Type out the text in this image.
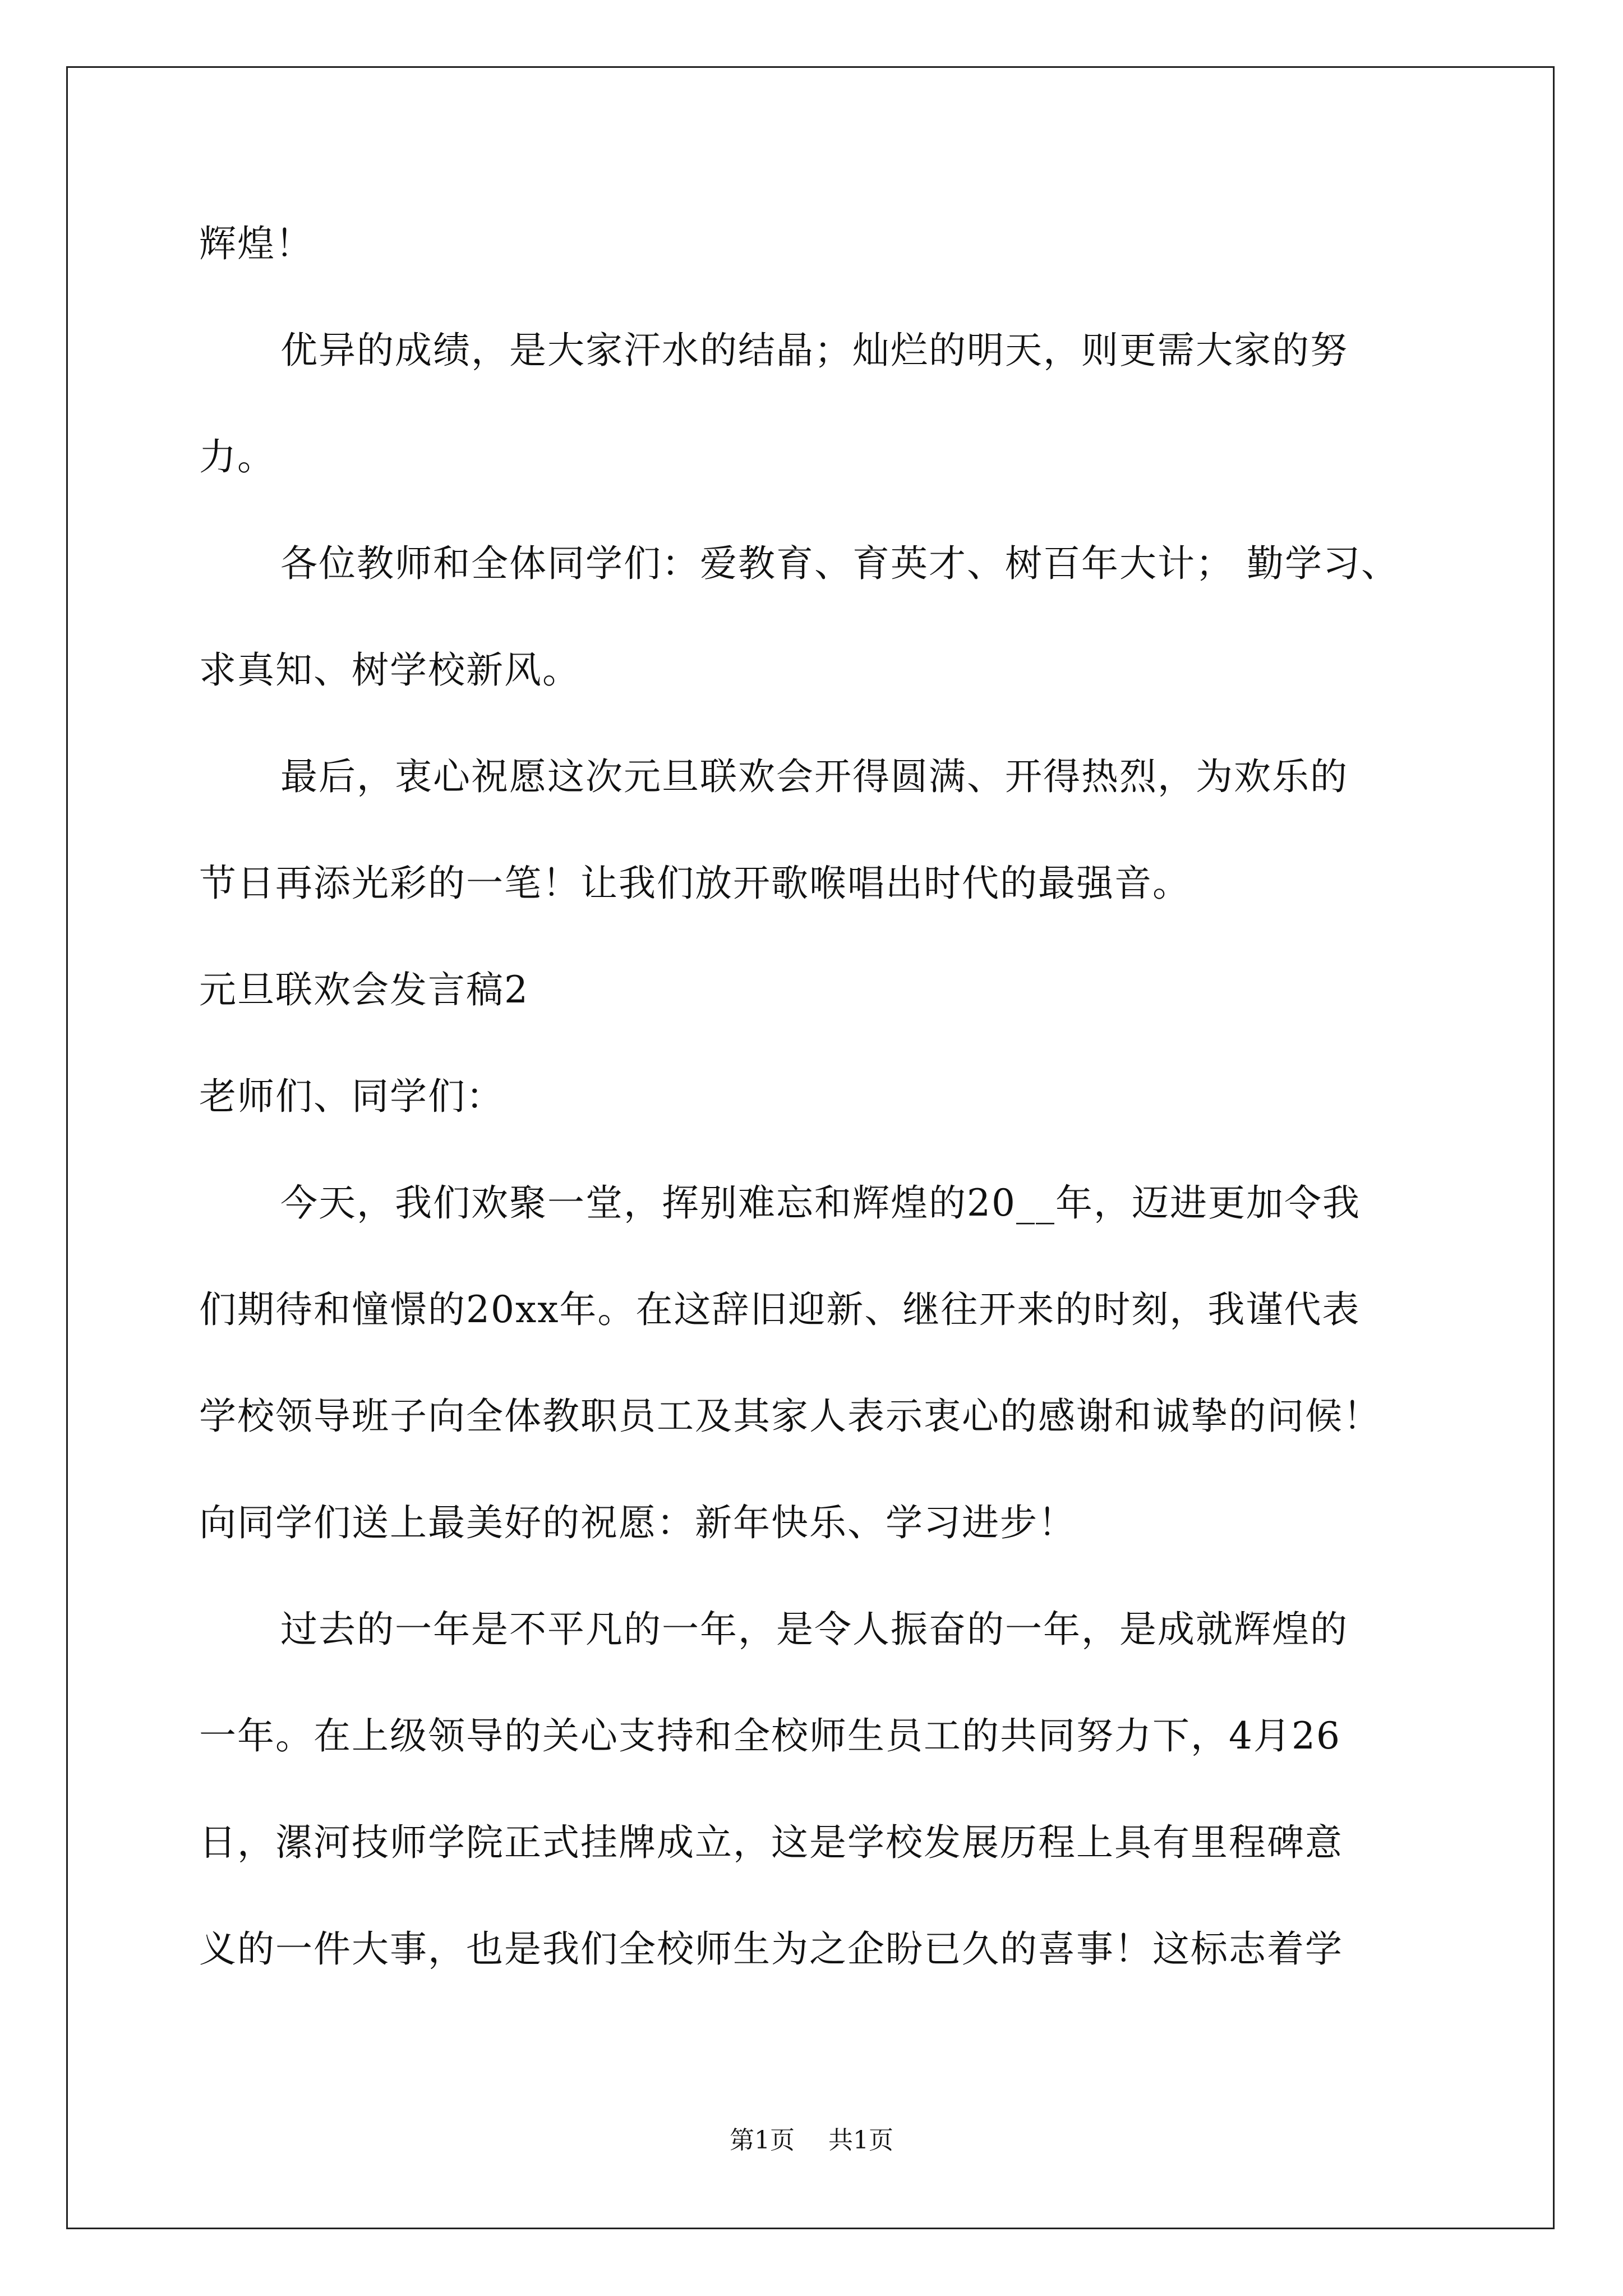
辉煌！
优异的成绩，是大家汗水的结晶；灿烂的明天，则更需大家的努
力。
各位教师和全体同学们：爱教育、育英才、树百年大计； 勤学习、
求真知、树学校新风。
最后，衷心祝愿这次元旦联欢会开得圆满、开得热烈，为欢乐的
节日再添光彩的一笔！让我们放开歌喉唱出时代的最强音。
元旦联欢会发言稿2
老师们、同学们：
今天，我们欢聚一堂，挥别难忘和辉煌的20__年，迈进更加令我
们期待和憧憬的20xx年。在这辞旧迎新、继往开来的时刻，我谨代表
学校领导班子向全体教职员工及其家人表示衷心的感谢和诚挚的问候！
向同学们送上最美好的祝愿：新年快乐、学习进步！
过去的一年是不平凡的一年，是令人振奋的一年，是成就辉煌的
一年。在上级领导的关心支持和全校师生员工的共同努力下，4月26
日，漯河技师学院正式挂牌成立，这是学校发展历程上具有里程碑意
义的一件大事，也是我们全校师生为之企盼已久的喜事！这标志着学
第1页 共1页
